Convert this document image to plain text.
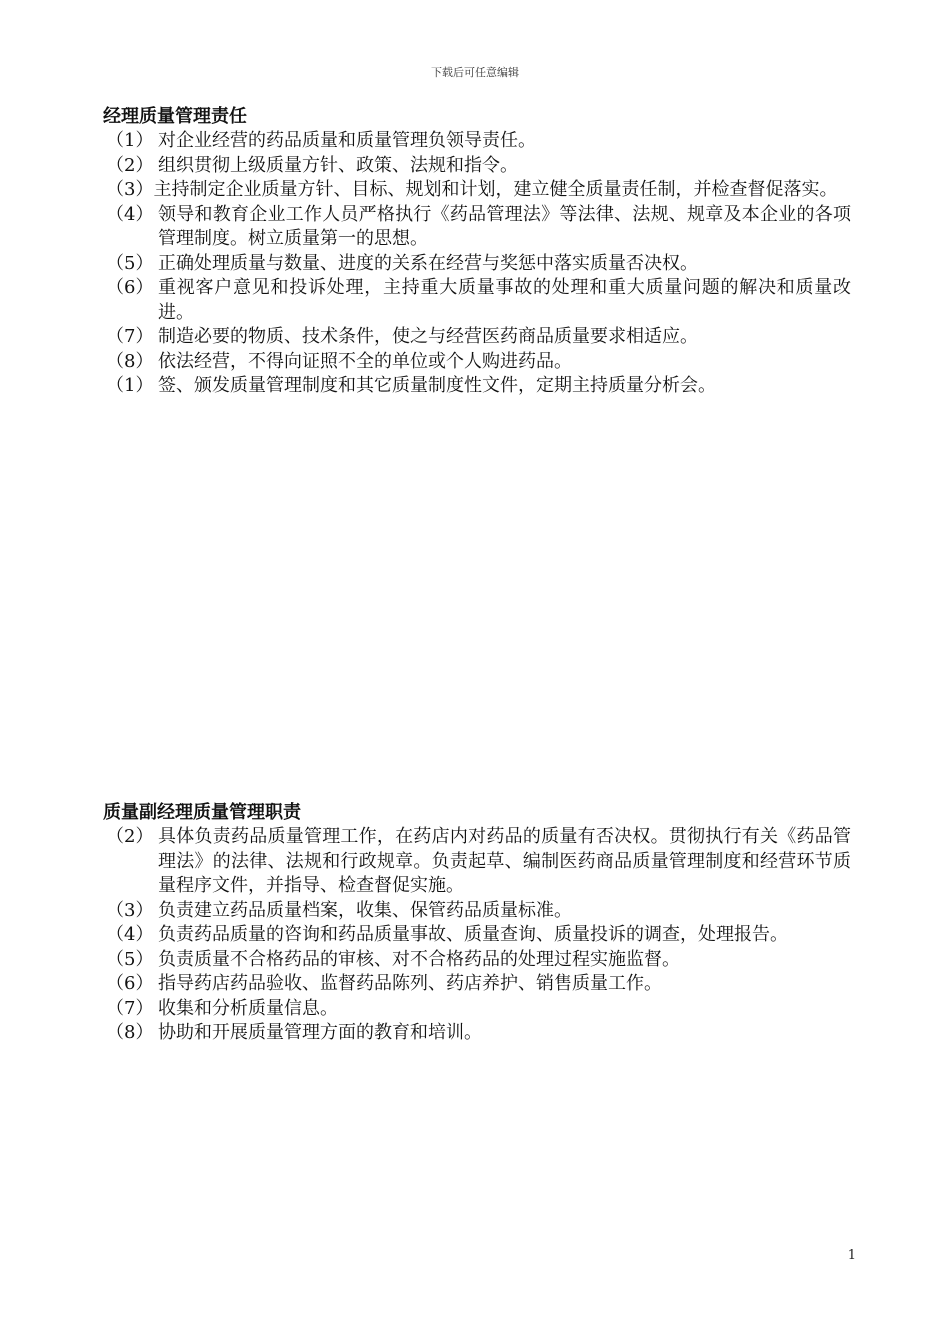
下载后可任意编辑
经理质量管理责任
（1） 对企业经营的药品质量和质量管理负领导责任。
（2） 组织贯彻上级质量方针、政策、法规和指令。
（3）主持制定企业质量方针、目标、规划和计划，建立健全质量责任制，并检查督促落实。
（4） 领导和教育企业工作人员严格执行《药品管理法》等法律、法规、规章及本企业的各项管理制度。树立质量第一的思想。
（5） 正确处理质量与数量、进度的关系在经营与奖惩中落实质量否决权。
（6） 重视客户意见和投诉处理，主持重大质量事故的处理和重大质量问题的解决和质量改进。
（7） 制造必要的物质、技术条件，使之与经营医药商品质量要求相适应。
（8） 依法经营，不得向证照不全的单位或个人购进药品。
（1） 签、颁发质量管理制度和其它质量制度性文件，定期主持质量分析会。
质量副经理质量管理职责
（2） 具体负责药品质量管理工作，在药店内对药品的质量有否决权。贯彻执行有关《药品管理法》的法律、法规和行政规章。负责起草、编制医药商品质量管理制度和经营环节质量程序文件，并指导、检查督促实施。
（3） 负责建立药品质量档案，收集、保管药品质量标准。
（4） 负责药品质量的咨询和药品质量事故、质量查询、质量投诉的调查，处理报告。
（5） 负责质量不合格药品的审核、对不合格药品的处理过程实施监督。
（6） 指导药店药品验收、监督药品陈列、药店养护、销售质量工作。
（7） 收集和分析质量信息。
（8） 协助和开展质量管理方面的教育和培训。
1
